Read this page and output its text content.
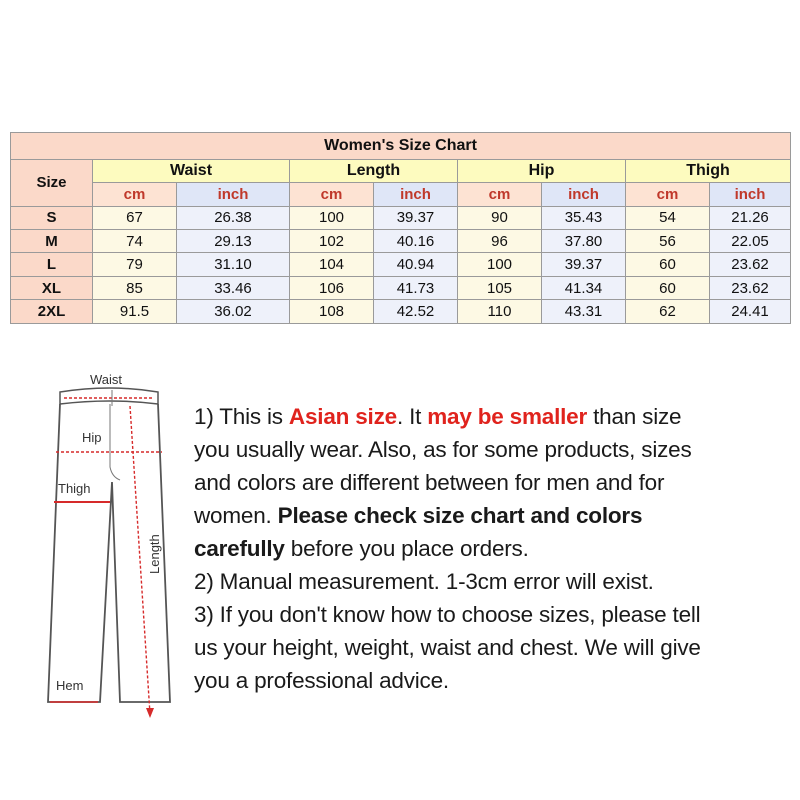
Women's Size Chart								
Size	Waist		Length		Hip		Thigh	
	cm	inch	cm	inch	cm	inch	cm	inch
S	67	26.38	100	39.37	90	35.43	54	21.26
M	74	29.13	102	40.16	96	37.80	56	22.05
L	79	31.10	104	40.94	100	39.37	60	23.62
XL	85	33.46	106	41.73	105	41.34	60	23.62
2XL	91.5	36.02	108	42.52	110	43.31	62	24.41
Waist
Hip
Thigh
Length
Hem

1) This is Asian size. It may be smaller than size

you usually wear. Also, as for some products, sizes

and colors are different between for men and for

women. Please check size chart and colors

carefully before you place orders.

2) Manual measurement. 1-3cm error will exist.

3) If you don't know how to choose sizes, please tell

us your height, weight, waist and chest. We will give

you a professional advice.
